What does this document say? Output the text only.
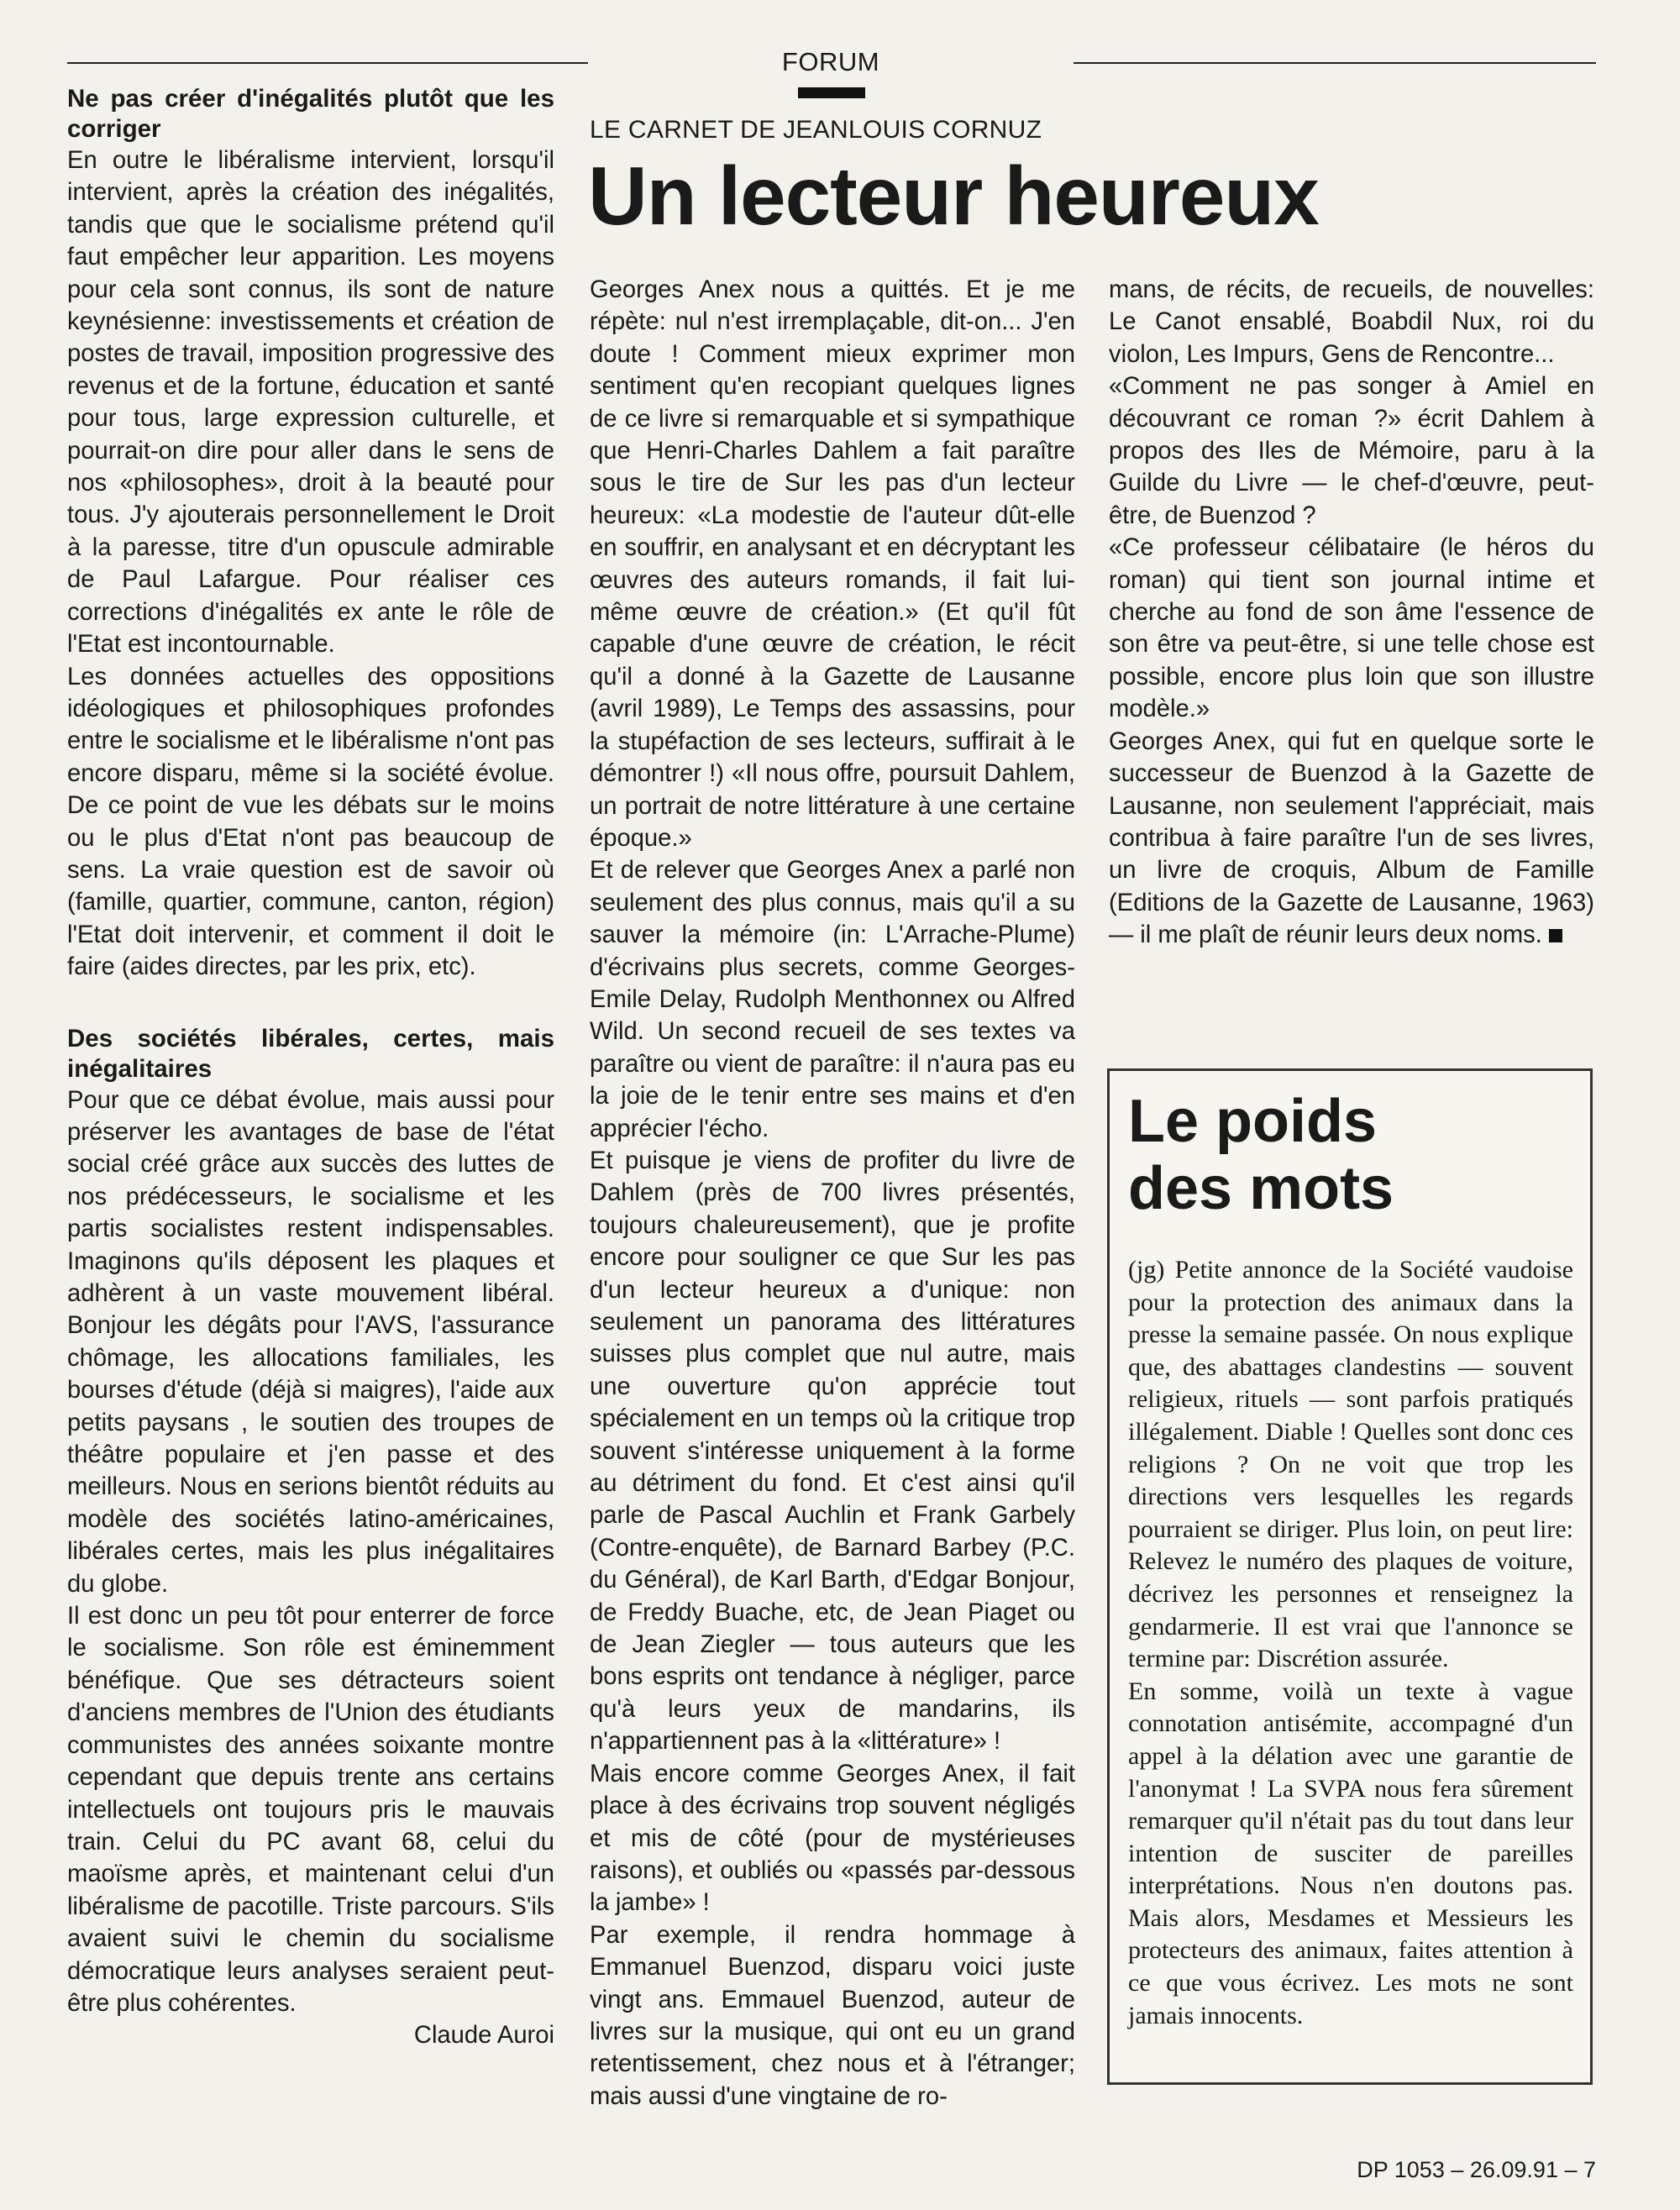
FORUM
LE CARNET DE JEANLOUIS CORNUZ
Un lecteur heureux

Ne pas créer d'inégalités plutôt que les corriger

En outre le libéralisme intervient, lorsqu'il intervient, après la création des inégalités, tandis que que le socialisme prétend qu'il faut empêcher leur apparition. Les moyens pour cela sont connus, ils sont de nature keynésienne: investissements et création de postes de travail, imposition progressive des revenus et de la fortune, éducation et santé pour tous, large expression culturelle, et pourrait-on dire pour aller dans le sens de nos «philosophes», droit à la beauté pour tous. J'y ajouterais personnellement le Droit à la paresse, titre d'un opuscule admirable de Paul Lafargue. Pour réaliser ces corrections d'inégalités ex ante le rôle de l'Etat est incontournable.

Les données actuelles des oppositions idéologiques et philosophiques profondes entre le socialisme et le libéralisme n'ont pas encore disparu, même si la société évolue. De ce point de vue les débats sur le moins ou le plus d'Etat n'ont pas beaucoup de sens. La vraie question est de savoir où (famille, quartier, commune, canton, région) l'Etat doit intervenir, et comment il doit le faire (aides directes, par les prix, etc).

Des sociétés libérales, certes, mais inégalitaires

Pour que ce débat évolue, mais aussi pour préserver les avantages de base de l'état social créé grâce aux succès des luttes de nos prédécesseurs, le socialisme et les partis socialistes restent indispensables. Imaginons qu'ils déposent les plaques et adhèrent à un vaste mouvement libéral. Bonjour les dégâts pour l'AVS, l'assurance chômage, les allocations familiales, les bourses d'étude (déjà si maigres), l'aide aux petits paysans , le soutien des troupes de théâtre populaire et j'en passe et des meilleurs. Nous en serions bientôt réduits au modèle des sociétés latino-américaines, libérales certes, mais les plus inégalitaires du globe.

Il est donc un peu tôt pour enterrer de force le socialisme. Son rôle est éminemment bénéfique. Que ses détracteurs soient d'anciens membres de l'Union des étudiants communistes des années soixante montre cependant que depuis trente ans certains intellectuels ont toujours pris le mauvais train. Celui du PC avant 68, celui du maoïsme après, et maintenant celui d'un libéralisme de pacotille. Triste parcours. S'ils avaient suivi le chemin du socialisme démocratique leurs analyses seraient peut-être plus cohérentes.

Claude Auroi

Georges Anex nous a quittés. Et je me répète: nul n'est irremplaçable, dit-on... J'en doute ! Comment mieux exprimer mon sentiment qu'en recopiant quelques lignes de ce livre si remarquable et si sympathique que Henri-Charles Dahlem a fait paraître sous le tire de Sur les pas d'un lecteur heureux: «La modestie de l'auteur dût-elle en souffrir, en analysant et en décryptant les œuvres des auteurs romands, il fait lui-même œuvre de création.» (Et qu'il fût capable d'une œuvre de création, le récit qu'il a donné à la Gazette de Lausanne (avril 1989), Le Temps des assassins, pour la stupéfaction de ses lecteurs, suffirait à le démontrer !) «Il nous offre, poursuit Dahlem, un portrait de notre littérature à une certaine époque.»

Et de relever que Georges Anex a parlé non seulement des plus connus, mais qu'il a su sauver la mémoire (in: L'Arrache-Plume) d'écrivains plus secrets, comme Georges-Emile Delay, Rudolph Menthonnex ou Alfred Wild. Un second recueil de ses textes va paraître ou vient de paraître: il n'aura pas eu la joie de le tenir entre ses mains et d'en apprécier l'écho.

Et puisque je viens de profiter du livre de Dahlem (près de 700 livres présentés, toujours chaleureusement), que je profite encore pour souligner ce que Sur les pas d'un lecteur heureux a d'unique: non seulement un panorama des littératures suisses plus complet que nul autre, mais une ouverture qu'on apprécie tout spécialement en un temps où la critique trop souvent s'intéresse uniquement à la forme au détriment du fond. Et c'est ainsi qu'il parle de Pascal Auchlin et Frank Garbely (Contre-enquête), de Barnard Barbey (P.C. du Général), de Karl Barth, d'Edgar Bonjour, de Freddy Buache, etc, de Jean Piaget ou de Jean Ziegler — tous auteurs que les bons esprits ont tendance à négliger, parce qu'à leurs yeux de mandarins, ils n'appartiennent pas à la «littérature» !

Mais encore comme Georges Anex, il fait place à des écrivains trop souvent négligés et mis de côté (pour de mystérieuses raisons), et oubliés ou «passés par-dessous la jambe» !

Par exemple, il rendra hommage à Emmanuel Buenzod, disparu voici juste vingt ans. Emmauel Buenzod, auteur de livres sur la musique, qui ont eu un grand retentissement, chez nous et à l'étranger; mais aussi d'une vingtaine de ro-

mans, de récits, de recueils, de nouvelles: Le Canot ensablé, Boabdil Nux, roi du violon, Les Impurs, Gens de Rencontre...

«Comment ne pas songer à Amiel en découvrant ce roman ?» écrit Dahlem à propos des Iles de Mémoire, paru à la Guilde du Livre — le chef-d'œuvre, peut-être, de Buenzod ?

«Ce professeur célibataire (le héros du roman) qui tient son journal intime et cherche au fond de son âme l'essence de son être va peut-être, si une telle chose est possible, encore plus loin que son illustre modèle.»

Georges Anex, qui fut en quelque sorte le successeur de Buenzod à la Gazette de Lausanne, non seulement l'appréciait, mais contribua à faire paraître l'un de ses livres, un livre de croquis, Album de Famille (Editions de la Gazette de Lausanne, 1963) — il me plaît de réunir leurs deux noms.

Le poids
des mots

(jg) Petite annonce de la Société vaudoise pour la protection des animaux dans la presse la semaine passée. On nous explique que, des abattages clandestins — souvent religieux, rituels — sont parfois pratiqués illégalement. Diable ! Quelles sont donc ces religions ? On ne voit que trop les directions vers lesquelles les regards pourraient se diriger. Plus loin, on peut lire: Relevez le numéro des plaques de voiture, décrivez les personnes et renseignez la gendarmerie. Il est vrai que l'annonce se termine par: Discrétion assurée.

En somme, voilà un texte à vague connotation antisémite, accompagné d'un appel à la délation avec une garantie de l'anonymat ! La SVPA nous fera sûrement remarquer qu'il n'était pas du tout dans leur intention de susciter de pareilles interprétations. Nous n'en doutons pas. Mais alors, Mesdames et Messieurs les protecteurs des animaux, faites attention à ce que vous écrivez. Les mots ne sont jamais innocents.

DP 1053 – 26.09.91 – 7
